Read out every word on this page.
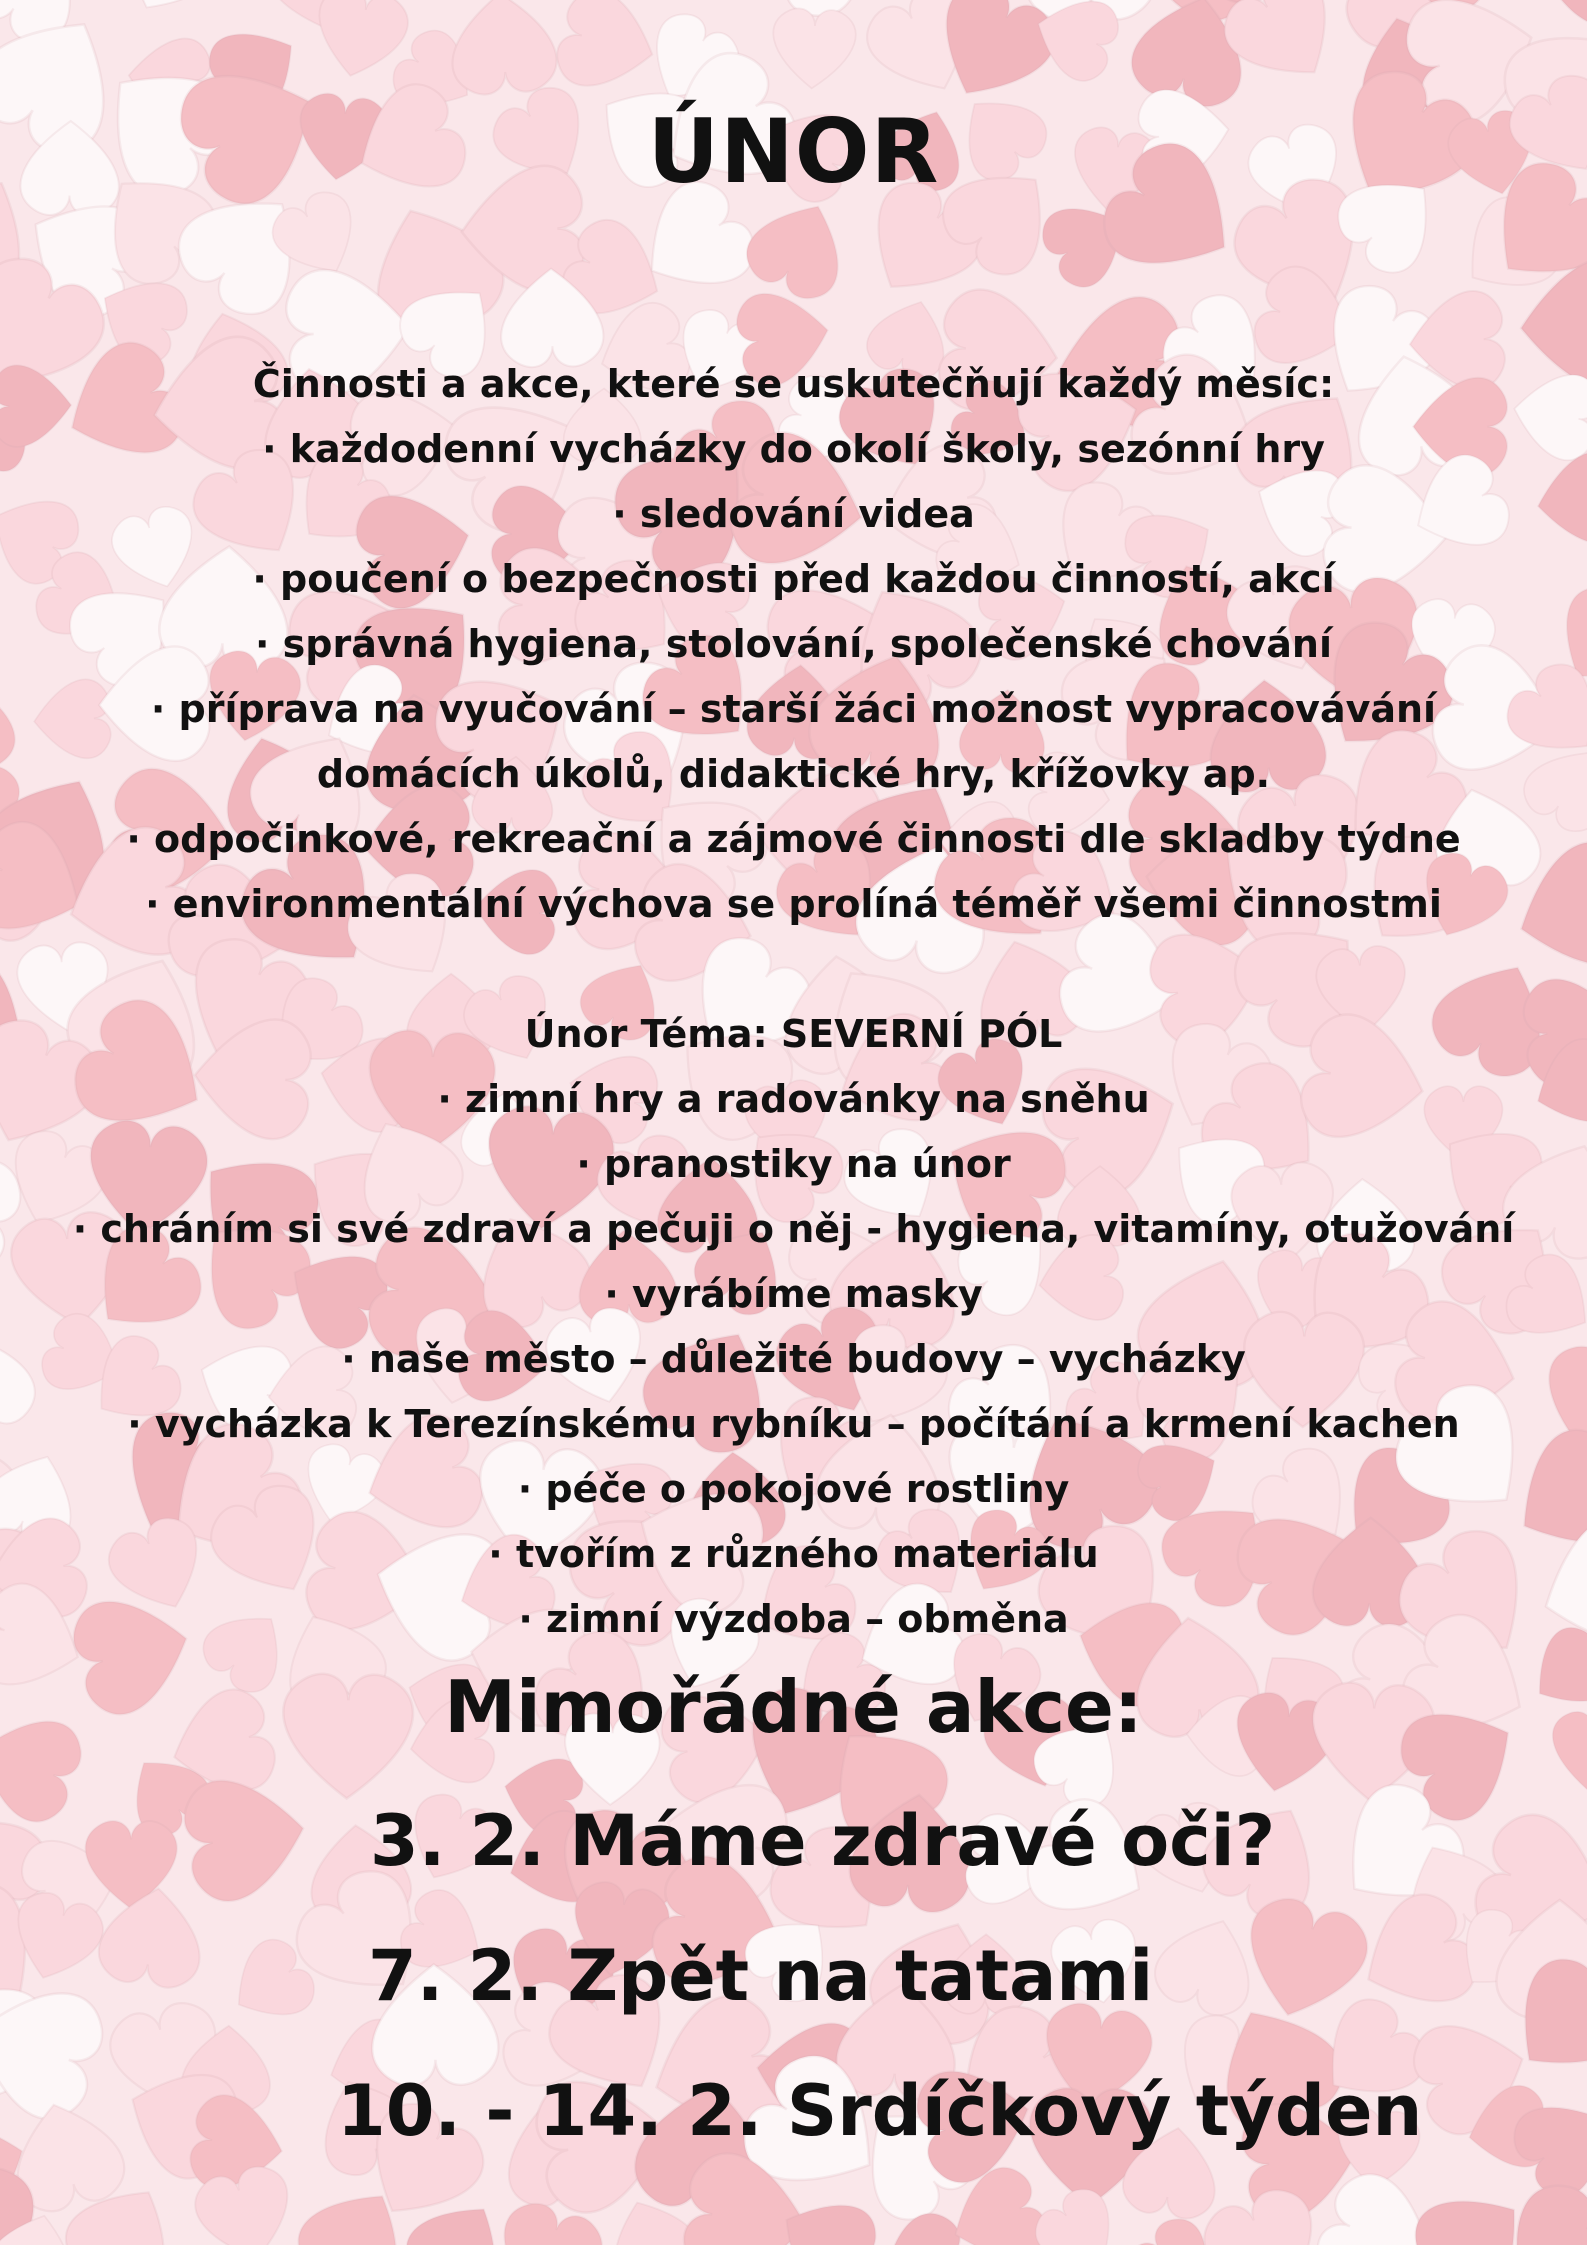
ÚNOR
Činnosti a akce, které se uskutečňují každý měsíc:
· každodenní vycházky do okolí školy, sezónní hry
· sledování videa
· poučení o bezpečnosti před každou činností, akcí
· správná hygiena, stolování, společenské chování
· příprava na vyučování – starší žáci možnost vypracovávání
domácích úkolů, didaktické hry, křížovky ap.
· odpočinkové, rekreační a zájmové činnosti dle skladby týdne
· environmentální výchova se prolíná téměř všemi činnostmi
Únor Téma: SEVERNÍ PÓL
· zimní hry a radovánky na sněhu
· pranostiky na únor
· chráním si své zdraví a pečuji o něj - hygiena, vitamíny, otužování
· vyrábíme masky
· naše město – důležité budovy – vycházky
· vycházka k Terezínskému rybníku – počítání a krmení kachen
· péče o pokojové rostliny
· tvořím z různého materiálu
· zimní výzdoba – obměna
Mimořádné akce:
3. 2. Máme zdravé oči?
7. 2. Zpět na tatami
10. - 14. 2. Srdíčkový týden
